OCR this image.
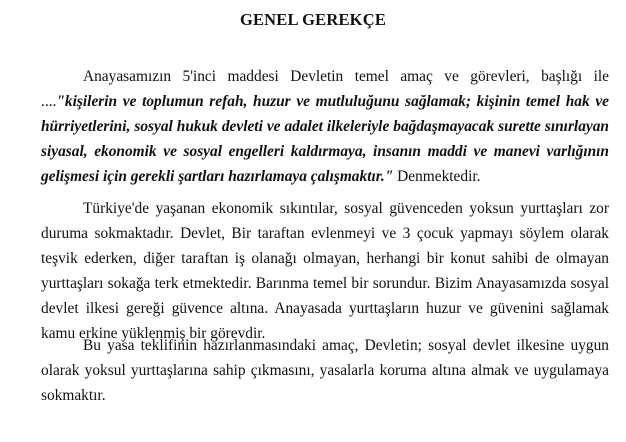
GENEL GEREKÇE
Anayasamızın 5'inci maddesi Devletin temel amaç ve görevleri, başlığı ile ...."kişilerin ve toplumun refah, huzur ve mutluluğunu sağlamak; kişinin temel hak ve hürriyetlerini, sosyal hukuk devleti ve adalet ilkeleriyle bağdaşmayacak surette sınırlayan siyasal, ekonomik ve sosyal engelleri kaldırmaya, insanın maddi ve manevi varlığının gelişmesi için gerekli şartları hazırlamaya çalışmaktır." Denmektedir.
Türkiye'de yaşanan ekonomik sıkıntılar, sosyal güvenceden yoksun yurttaşları zor duruma sokmaktadır. Devlet, Bir taraftan evlenmeyi ve 3 çocuk yapmayı söylem olarak teşvik ederken, diğer taraftan iş olanağı olmayan, herhangi bir konut sahibi de olmayan yurttaşları sokağa terk etmektedir. Barınma temel bir sorundur. Bizim Anayasamızda sosyal devlet ilkesi gereği güvence altına. Anayasada yurttaşların huzur ve güvenini sağlamak kamu erkine yüklenmiş bir görevdir.
Bu yasa teklifinin hazırlanmasındaki amaç, Devletin; sosyal devlet ilkesine uygun olarak yoksul yurttaşlarına sahip çıkmasını, yasalarla koruma altına almak ve uygulamaya sokmaktır.
